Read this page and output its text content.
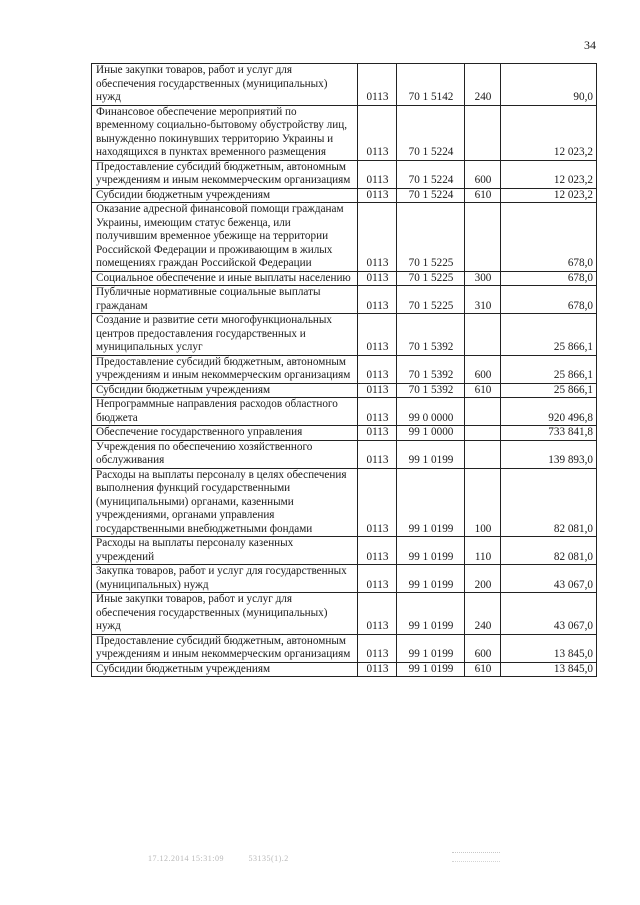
34
Иные закупки товаров, работ и услуг для обеспечения государственных (муниципальных) нужд	0113	70 1 5142	240	90,0
Финансовое обеспечение мероприятий по временному социально-бытовому обустройству лиц, вынужденно покинувших территорию Украины и находящихся в пунктах временного размещения	0113	70 1 5224		12 023,2
Предоставление субсидий бюджетным, автономным учреждениям и иным некоммерческим организациям	0113	70 1 5224	600	12 023,2
Субсидии бюджетным учреждениям	0113	70 1 5224	610	12 023,2
Оказание адресной финансовой помощи гражданам Украины, имеющим статус беженца, или получившим временное убежище на территории Российской Федерации и проживающим в жилых помещениях граждан Российской Федерации	0113	70 1 5225		678,0
Социальное обеспечение и иные выплаты населению	0113	70 1 5225	300	678,0
Публичные нормативные социальные выплаты гражданам	0113	70 1 5225	310	678,0
Создание и развитие сети многофункциональных центров предоставления государственных и муниципальных услуг	0113	70 1 5392		25 866,1
Предоставление субсидий бюджетным, автономным учреждениям и иным некоммерческим организациям	0113	70 1 5392	600	25 866,1
Субсидии бюджетным учреждениям	0113	70 1 5392	610	25 866,1
Непрограммные направления расходов областного бюджета	0113	99 0 0000		920 496,8
Обеспечение государственного управления	0113	99 1 0000		733 841,8
Учреждения по обеспечению хозяйственного обслуживания	0113	99 1 0199		139 893,0
Расходы на выплаты персоналу в целях обеспечения выполнения функций государственными (муниципальными) органами, казенными учреждениями, органами управления государственными внебюджетными фондами	0113	99 1 0199	100	82 081,0
Расходы на выплаты персоналу казенных учреждений	0113	99 1 0199	110	82 081,0
Закупка товаров, работ и услуг для государственных (муниципальных) нужд	0113	99 1 0199	200	43 067,0
Иные закупки товаров, работ и услуг для обеспечения государственных (муниципальных) нужд	0113	99 1 0199	240	43 067,0
Предоставление субсидий бюджетным, автономным учреждениям и иным некоммерческим организациям	0113	99 1 0199	600	13 845,0
Субсидии бюджетным учреждениям	0113	99 1 0199	610	13 845,0
17.12.2014 15:31:09	53135(1).2
